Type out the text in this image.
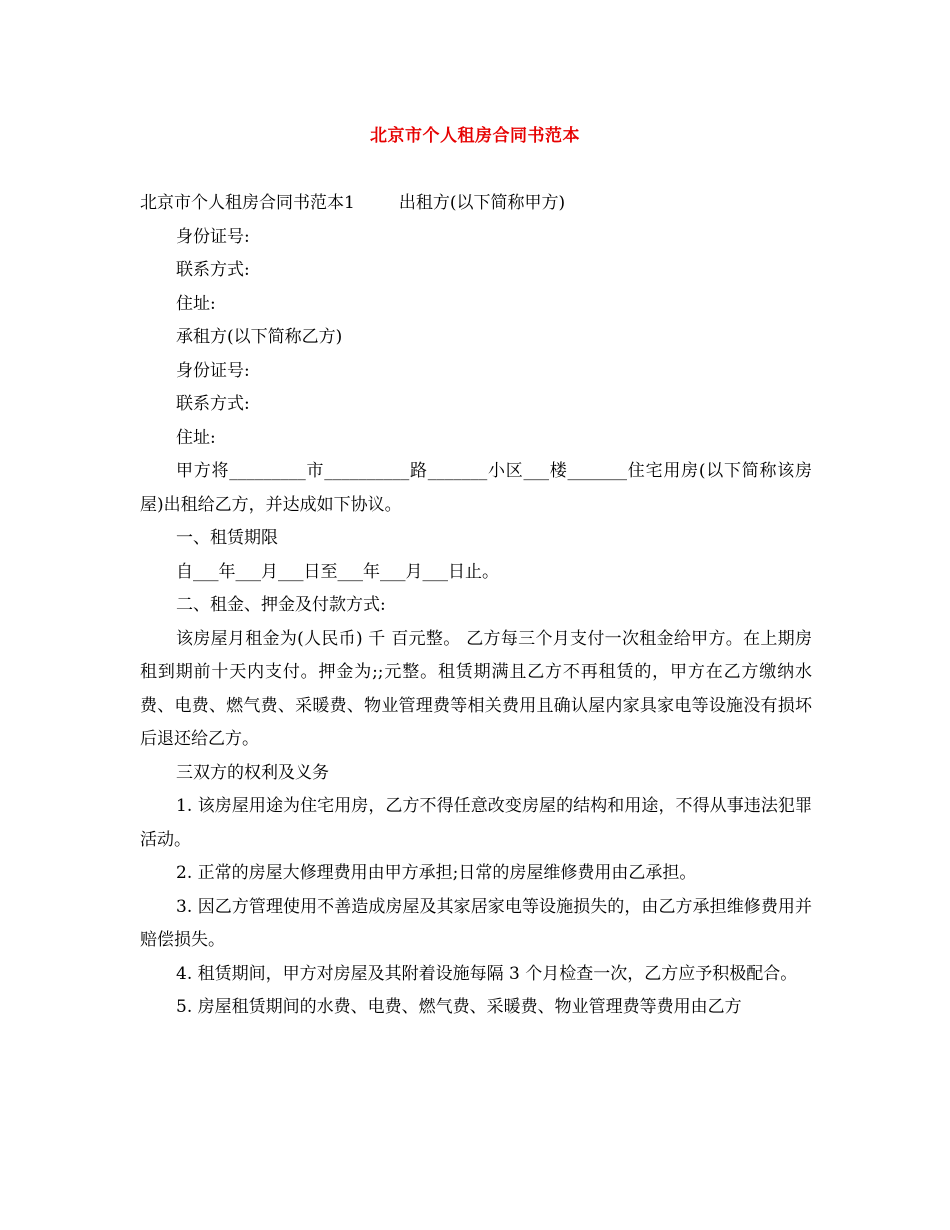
北京市个人租房合同书范本
北京市个人租房合同书范本1	出租方(以下简称甲方)
身份证号:
联系方式:
住址:
承租方(以下简称乙方)
身份证号:
联系方式:
住址:

甲方将_________市__________路_______小区___楼_______住宅用房(以下简称该房屋)出租给乙方，并达成如下协议。

一、租赁期限
自___年___月___日至___年___月___日止。
二、租金、押金及付款方式:

该房屋月租金为(人民币) 千 百元整。 乙方每三个月支付一次租金给甲方。在上期房租到期前十天内支付。押金为;;元整。租赁期满且乙方不再租赁的，甲方在乙方缴纳水费、电费、燃气费、采暖费、物业管理费等相关费用且确认屋内家具家电等设施没有损坏后退还给乙方。

三双方的权利及义务

1. 该房屋用途为住宅用房，乙方不得任意改变房屋的结构和用途，不得从事违法犯罪活动。

2. 正常的房屋大修理费用由甲方承担;日常的房屋维修费用由乙承担。

3. 因乙方管理使用不善造成房屋及其家居家电等设施损失的，由乙方承担维修费用并赔偿损失。

4. 租赁期间，甲方对房屋及其附着设施每隔 3 个月检查一次，乙方应予积极配合。

5. 房屋租赁期间的水费、电费、燃气费、采暖费、物业管理费等费用由乙方
